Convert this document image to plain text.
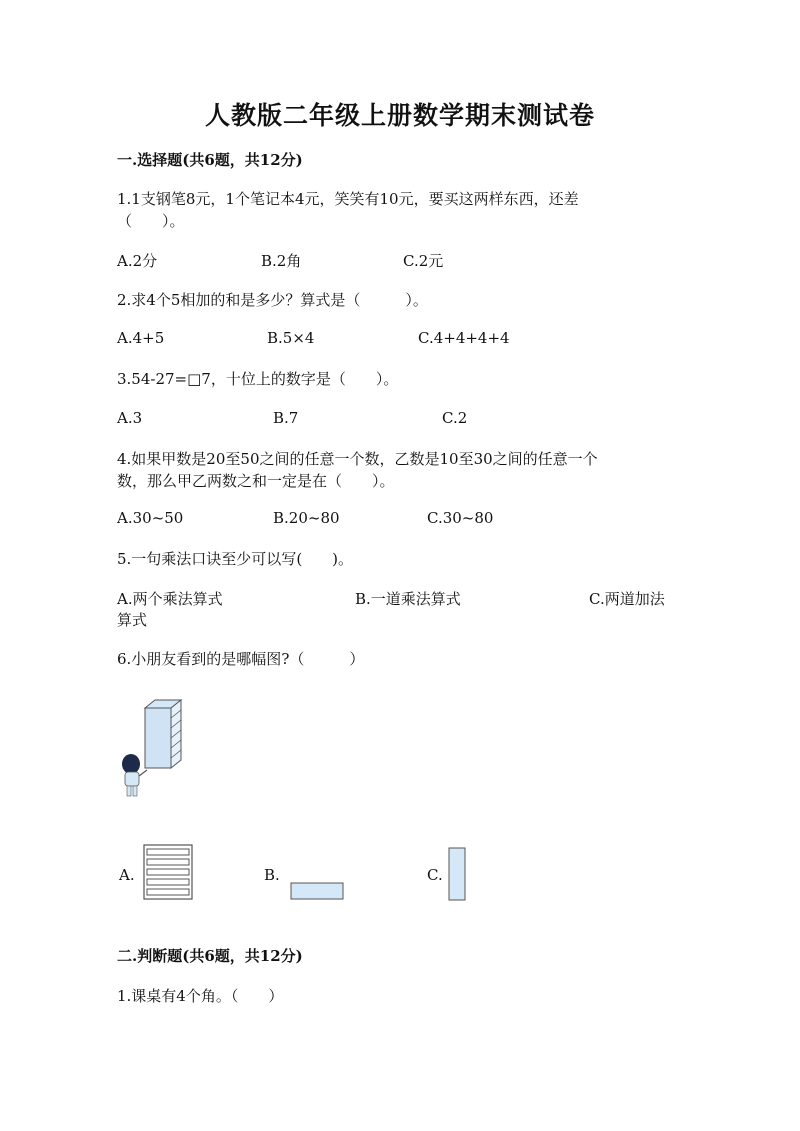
人教版二年级上册数学期末测试卷
一.选择题(共6题，共12分)
1.1支钢笔8元，1个笔记本4元，笑笑有10元，要买这两样东西，还差
（　　）。
A.2分	B.2角	C.2元
2.求4个5相加的和是多少？算式是（　　　）。
A.4+5	B.5×4	C.4+4+4+4
3.54-27=□7，十位上的数字是（　　）。
A.3	B.7	C.2
4.如果甲数是20至50之间的任意一个数，乙数是10至30之间的任意一个
数，那么甲乙两数之和一定是在（　　）。
A.30~50	B.20~80	C.30~80
5.一句乘法口诀至少可以写(　　)。
A.两个乘法算式	B.一道乘法算式	C.两道加法
算式
6.小朋友看到的是哪幅图?（　　　）
A.	B.	C.
二.判断题(共6题，共12分)
1.课桌有4个角。（　　）
